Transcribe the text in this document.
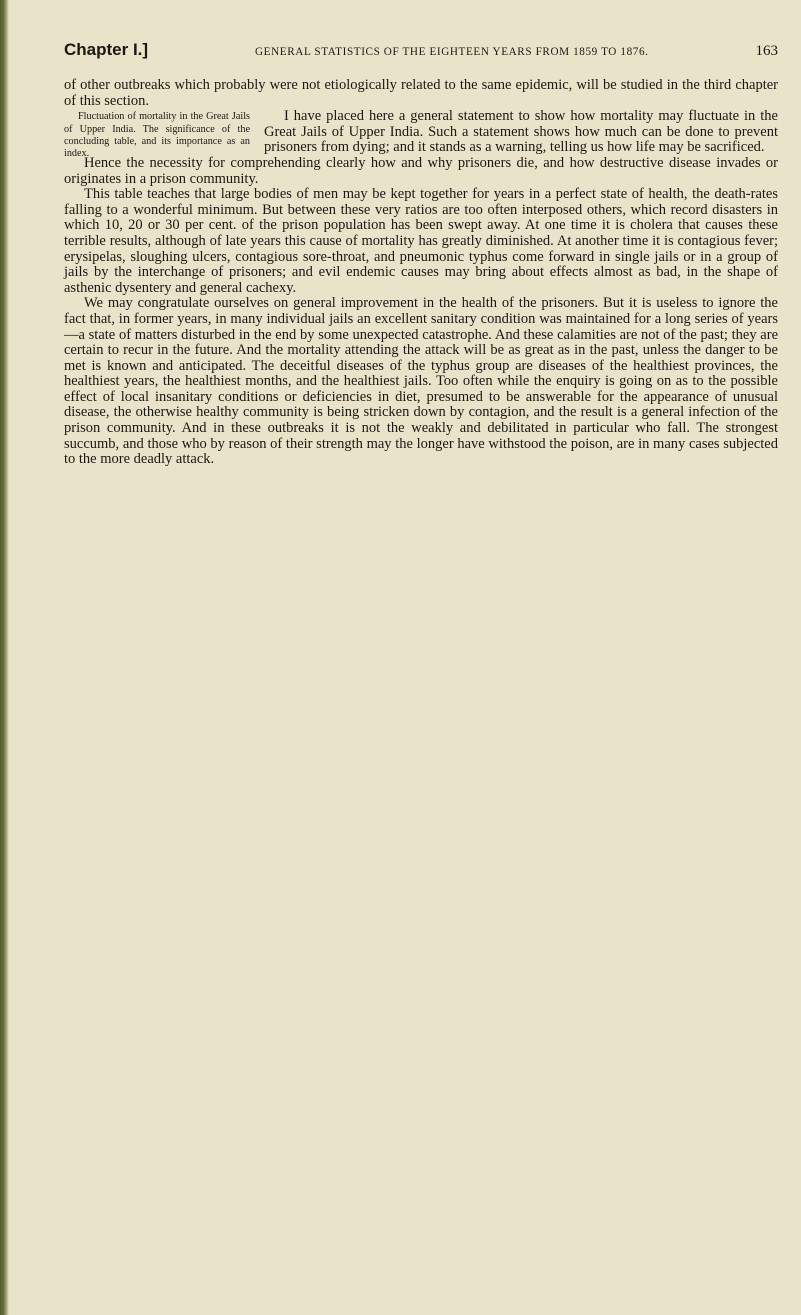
Chapter I.]	GENERAL STATISTICS OF THE EIGHTEEN YEARS FROM 1859 TO 1876.	163

of other outbreaks which probably were not etiologically related to the same epidemic, will be studied in the third chapter of this section.

Fluctuation of mortality in the Great Jails of Upper India. The significance of the concluding table, and its importance as an index.
I have placed here a general statement to show how mortality may fluctuate in the Great Jails of Upper India. Such a statement shows how much can be done to prevent prisoners from dying; and it stands as a warning, telling us how life may be sacrificed.

Hence the necessity for comprehending clearly how and why prisoners die, and how destructive disease invades or originates in a prison community.

This table teaches that large bodies of men may be kept together for years in a perfect state of health, the death-rates falling to a wonderful minimum. But between these very ratios are too often interposed others, which record disasters in which 10, 20 or 30 per cent. of the prison population has been swept away. At one time it is cholera that causes these terrible results, although of late years this cause of mortality has greatly diminished. At another time it is contagious fever; erysipelas, sloughing ulcers, contagious sore-throat, and pneumonic typhus come forward in single jails or in a group of jails by the interchange of prisoners; and evil endemic causes may bring about effects almost as bad, in the shape of asthenic dysentery and general cachexy.

We may congratulate ourselves on general improvement in the health of the prisoners. But it is useless to ignore the fact that, in former years, in many individual jails an excellent sanitary condition was maintained for a long series of years—a state of matters disturbed in the end by some unexpected catastrophe. And these calamities are not of the past; they are certain to recur in the future. And the mortality attending the attack will be as great as in the past, unless the danger to be met is known and anticipated. The deceitful diseases of the typhus group are diseases of the healthiest provinces, the healthiest years, the healthiest months, and the healthiest jails. Too often while the enquiry is going on as to the possible effect of local insanitary conditions or deficiencies in diet, presumed to be answerable for the appearance of unusual disease, the otherwise healthy community is being stricken down by contagion, and the result is a general infection of the prison community. And in these outbreaks it is not the weakly and debilitated in particular who fall. The strongest succumb, and those who by reason of their strength may the longer have withstood the poison, are in many cases subjected to the more deadly attack.
